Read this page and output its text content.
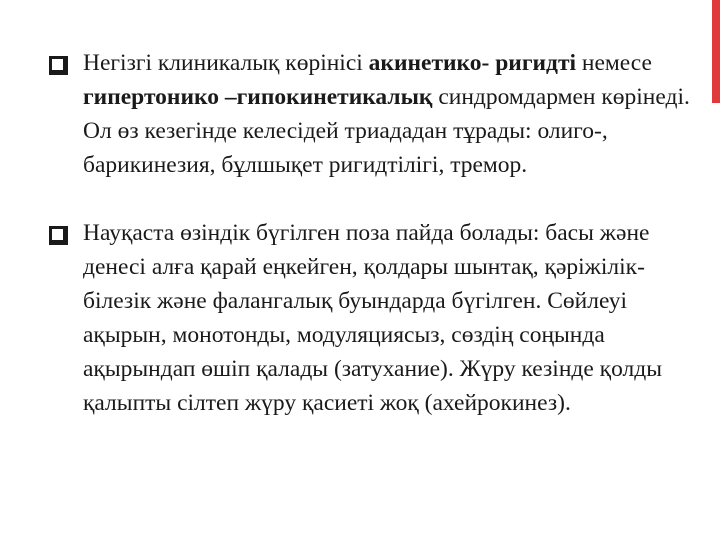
Негізгі клиникалық көрінісі акинетико- ригидті немесе гипертонико –гипокинетикалық синдромдармен көрінеді. Ол өз кезегінде келесідей триададан тұрады: олиго-, барикинезия, бұлшықет ригидтілігі, тремор.
Науқаста өзіндік бүгілген поза пайда болады: басы және денесі алға қарай еңкейген, қолдары шынтақ, қәріжілік-білезік және фалангалық буындарда бүгілген. Сөйлеуі ақырын, монотонды, модуляциясыз, сөздің соңында ақырындап өшіп қалады (затухание). Жүру кезінде қолды қалыпты сілтеп жүру қасиеті жоқ (ахейрокинез).
